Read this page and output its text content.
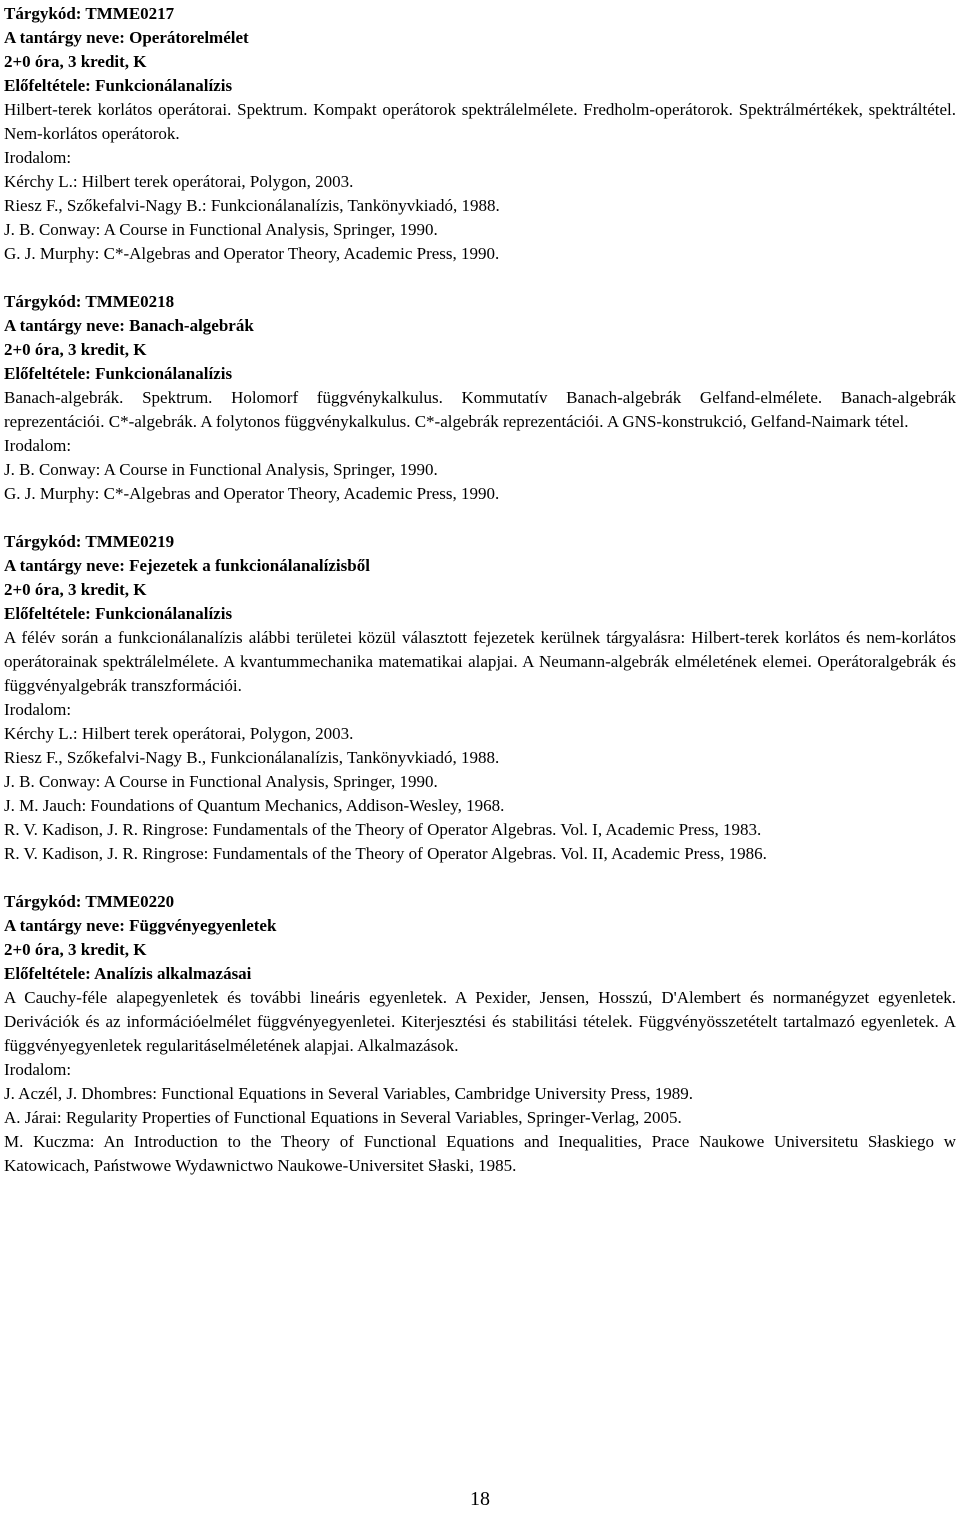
Tárgykód: TMME0217
A tantárgy neve: Operátorelmélet
2+0 óra, 3 kredit, K
Előfeltétele: Funkcionálanalízis
Hilbert-terek korlátos operátorai. Spektrum. Kompakt operátorok spektrálelmélete. Fredholm-operátorok. Spektrálmértékek, spektráltétel. Nem-korlátos operátorok.
Irodalom:
Kérchy L.: Hilbert terek operátorai, Polygon, 2003.
Riesz F., Szőkefalvi-Nagy B.: Funkcionálanalízis, Tankönyvkiadó, 1988.
J. B. Conway: A Course in Functional Analysis, Springer, 1990.
G. J. Murphy: C*-Algebras and Operator Theory, Academic Press, 1990.
Tárgykód: TMME0218
A tantárgy neve: Banach-algebrák
2+0 óra, 3 kredit, K
Előfeltétele: Funkcionálanalízis
Banach-algebrák. Spektrum. Holomorf függvénykalkulus. Kommutatív Banach-algebrák Gelfand-elmélete. Banach-algebrák reprezentációi. C*-algebrák. A folytonos függvénykalkulus. C*-algebrák reprezentációi. A GNS-konstrukció, Gelfand-Naimark tétel.
Irodalom:
J. B. Conway: A Course in Functional Analysis, Springer, 1990.
G. J. Murphy: C*-Algebras and Operator Theory, Academic Press, 1990.
Tárgykód: TMME0219
A tantárgy neve: Fejezetek a funkcionálanalízisből
2+0 óra, 3 kredit, K
Előfeltétele: Funkcionálanalízis
A félév során a funkcionálanalízis alábbi területei közül választott fejezetek kerülnek tárgyalásra: Hilbert-terek korlátos és nem-korlátos operátorainak spektrálelmélete. A kvantummechanika matematikai alapjai. A Neumann-algebrák elméletének elemei. Operátoralgebrák és függvényalgebrák transzformációi.
Irodalom:
Kérchy L.: Hilbert terek operátorai, Polygon, 2003.
Riesz F., Szőkefalvi-Nagy B., Funkcionálanalízis, Tankönyvkiadó, 1988.
J. B. Conway: A Course in Functional Analysis, Springer, 1990.
J. M. Jauch: Foundations of Quantum Mechanics, Addison-Wesley, 1968.
R. V. Kadison, J. R. Ringrose: Fundamentals of the Theory of Operator Algebras. Vol. I, Academic Press, 1983.
R. V. Kadison, J. R. Ringrose: Fundamentals of the Theory of Operator Algebras. Vol. II, Academic Press, 1986.
Tárgykód: TMME0220
A tantárgy neve: Függvényegyenletek
2+0 óra, 3 kredit, K
Előfeltétele: Analízis alkalmazásai
A Cauchy-féle alapegyenletek és további lineáris egyenletek. A Pexider, Jensen, Hosszú, D'Alembert és normanégyzet egyenletek. Derivációk és az információelmélet függvényegyenletei. Kiterjesztési és stabilitási tételek. Függvényösszetételt tartalmazó egyenletek. A függvényegyenletek regularitáselméletének alapjai. Alkalmazások.
Irodalom:
J. Aczél, J. Dhombres: Functional Equations in Several Variables, Cambridge University Press, 1989.
A. Járai: Regularity Properties of Functional Equations in Several Variables, Springer-Verlag, 2005.
M. Kuczma: An Introduction to the Theory of Functional Equations and Inequalities, Prace Naukowe Universitetu Słaskiego w Katowicach, Państwowe Wydawnictwo Naukowe-Universitet Słaski, 1985.
18
